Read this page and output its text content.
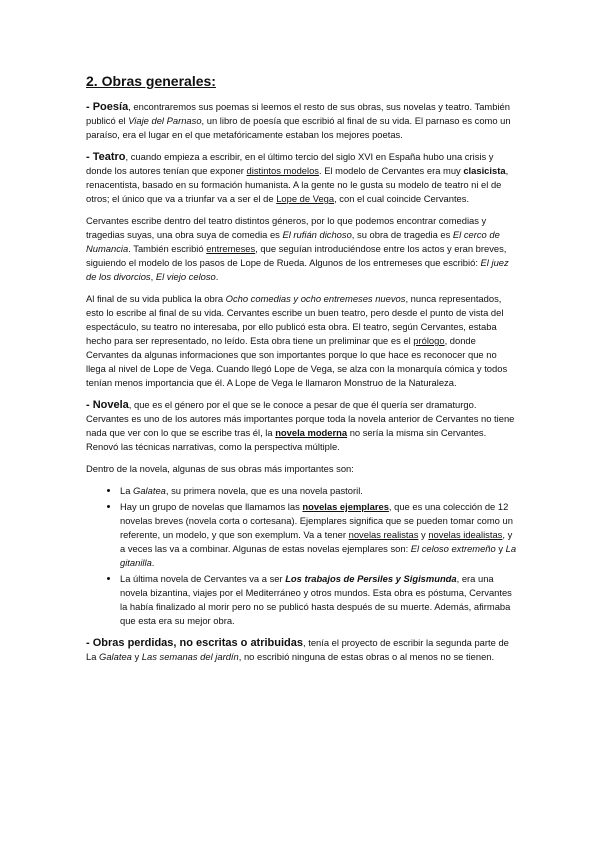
2. Obras generales:

- Poesía, encontraremos sus poemas si leemos el resto de sus obras, sus novelas y teatro. También publicó el Viaje del Parnaso, un libro de poesía que escribió al final de su vida. El parnaso es como un paraíso, era el lugar en el que metafóricamente estaban los mejores poetas.

- Teatro, cuando empieza a escribir, en el último tercio del siglo XVI en España hubo una crisis y donde los autores tenían que exponer distintos modelos. El modelo de Cervantes era muy clasicista, renacentista, basado en su formación humanista. A la gente no le gusta su modelo de teatro ni el de otros; el único que va a triunfar va a ser el de Lope de Vega, con el cual coincide Cervantes.

Cervantes escribe dentro del teatro distintos géneros, por lo que podemos encontrar comedias y tragedias suyas, una obra suya de comedia es El rufián dichoso, su obra de tragedia es El cerco de Numancia. También escribió entremeses, que seguían introduciéndose entre los actos y eran breves, siguiendo el modelo de los pasos de Lope de Rueda. Algunos de los entremeses que escribió: El juez de los divorcios, El viejo celoso.

Al final de su vida publica la obra Ocho comedias y ocho entremeses nuevos, nunca representados, esto lo escribe al final de su vida. Cervantes escribe un buen teatro, pero desde el punto de vista del espectáculo, su teatro no interesaba, por ello publicó esta obra. El teatro, según Cervantes, estaba hecho para ser representado, no leído. Esta obra tiene un preliminar que es el prólogo, donde Cervantes da algunas informaciones que son importantes porque lo que hace es reconocer que no llega al nivel de Lope de Vega. Cuando llegó Lope de Vega, se alza con la monarquía cómica y todos tenían menos importancia que él. A Lope de Vega le llamaron Monstruo de la Naturaleza.

- Novela, que es el género por el que se le conoce a pesar de que él quería ser dramaturgo. Cervantes es uno de los autores más importantes porque toda la novela anterior de Cervantes no tiene nada que ver con lo que se escribe tras él, la novela moderna no sería la misma sin Cervantes. Renovó las técnicas narrativas, como la perspectiva múltiple.

Dentro de la novela, algunas de sus obras más importantes son:

• La Galatea, su primera novela, que es una novela pastoril.
• Hay un grupo de novelas que llamamos las novelas ejemplares, que es una colección de 12 novelas breves (novela corta o cortesana). Ejemplares significa que se pueden tomar como un referente, un modelo, y que son exemplum. Va a tener novelas realistas y novelas idealistas, y a veces las va a combinar. Algunas de estas novelas ejemplares son: El celoso extremeño y La gitanilla.
• La última novela de Cervantes va a ser Los trabajos de Persiles y Sigismunda, era una novela bizantina, viajes por el Mediterráneo y otros mundos. Esta obra es póstuma, Cervantes la había finalizado al morir pero no se publicó hasta después de su muerte. Además, afirmaba que esta era su mejor obra.

- Obras perdidas, no escritas o atribuidas, tenía el proyecto de escribir la segunda parte de La Galatea y Las semanas del jardín, no escribió ninguna de estas obras o al menos no se tienen.
